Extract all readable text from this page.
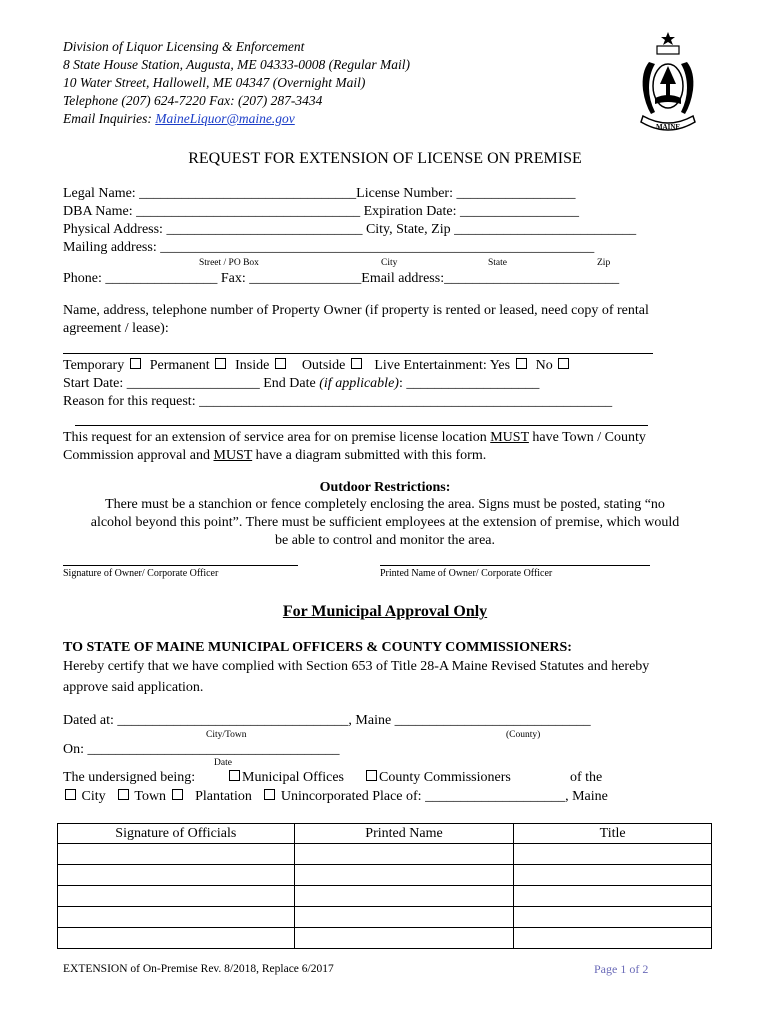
Division of Liquor Licensing & Enforcement
8 State House Station, Augusta, ME 04333-0008 (Regular Mail)
10 Water Street, Hallowell, ME 04347 (Overnight Mail)
Telephone (207) 624-7220 Fax: (207) 287-3434
Email Inquiries: MaineLiquor@maine.gov
MAINE
REQUEST FOR EXTENSION OF LICENSE ON PREMISE
Legal Name: _______________________________License Number: _________________
DBA Name: ________________________________ Expiration Date: _________________
Physical Address: ____________________________ City, State, Zip __________________________
Mailing address: ______________________________________________________________
Street / PO Box	City	State	Zip
Phone: ________________ Fax: ________________Email address:_________________________
Name, address, telephone number of Property Owner (if property is rented or leased, need copy of rental
agreement / lease):
Temporary Permanent Inside Outside Live Entertainment: Yes No
Start Date: ___________________ End Date (if applicable): ___________________
Reason for this request: ___________________________________________________________
This request for an extension of service area for on premise license location MUST have Town / County
Commission approval and MUST have a diagram submitted with this form.
Outdoor Restrictions:
There must be a stanchion or fence completely enclosing the area. Signs must be posted, stating “no
alcohol beyond this point”. There must be sufficient employees at the extension of premise, which would
be able to control and monitor the area.
Signature of Owner/ Corporate Officer	Printed Name of Owner/ Corporate Officer
For Municipal Approval Only
TO STATE OF MAINE MUNICIPAL OFFICERS & COUNTY COMMISSIONERS:
Hereby certify that we have complied with Section 653 of Title 28-A Maine Revised Statutes and hereby
approve said application.
Dated at: _________________________________, Maine ____________________________
City/Town	(County)
On: ____________________________________
Date
The undersigned being:	Municipal Offices	County Commissioners	of the
City Town Plantation Unincorporated Place of: ____________________, Maine
Signature of Officials	Printed Name	Title

EXTENSION of On-Premise Rev. 8/2018, Replace 6/2017	Page 1 of 2
